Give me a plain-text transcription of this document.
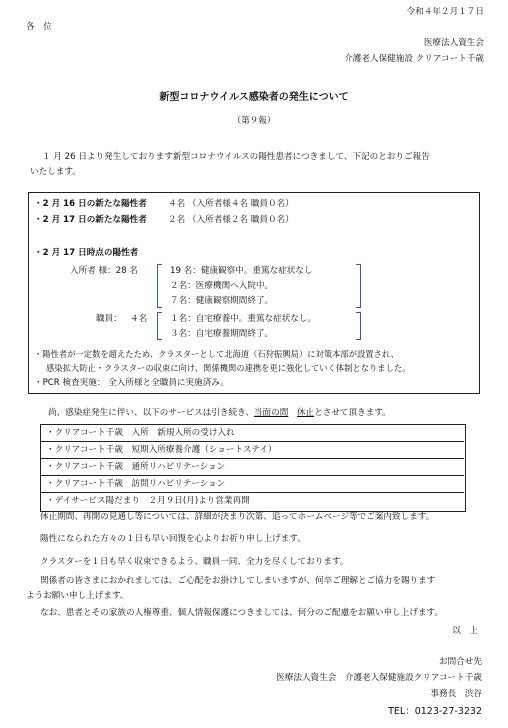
令和４年２月１７日
各　位
医療法人資生会
介護老人保健施設 クリアコート千歳
新型コロナウイルス感染者の発生について
（第９報）
１ 月 26 日より発生しております新型コロナウイルスの陽性患者につきまして、下記のとおりご報告
いたします。
・2 月 16 日の新たな陽性者 ４名 （入所者様４名 職員０名）
・2 月 17 日の新たな陽性者 ２名 （入所者様２名 職員０名）
・2 月 17 日時点の陽性者
入所者 様：28 名	19 名：健康観察中。重篤な症状なし
２名：医療機関へ入院中。
７名：健康観察期間終了。
職員： ４名	１名：自宅療養中。重篤な症状なし。
３名：自宅療養期間終了。
・陽性者が一定数を超えたため、クラスターとして北海道（石狩振興局）に対策本部が設置され、
感染拡大防止・クラスターの収束に向け、関係機関の連携を更に強化していく体制となりました。
・PCR 検査実施： 全入所様と全職員に実施済み。
尚、感染症発生に伴い、以下のサービスは引き続き、当面の間　 休止とさせて頂きます。
・クリアコート千歳　入所　新規入所の受け入れ
・クリアコート千歳　短期入所療養介護（ショートステイ）
・クリアコート千歳　通所リハビリテーション
・クリアコート千歳　訪問リハビリテーション
・デイサービス陽だまり　２月９日(月)より営業再開
休止期間、再開の見通し等については、詳細が決まり次第、追ってホームページ等でご案内致します。
陽性になられた方々の１日も早い回復を心よりお祈り申し上げます。
クラスターを１日も早く収束できるよう、職員一同、全力を尽くしております。
関係者の皆さまにおかれましては、ご心配をお掛けしてしまいますが、何卒ご理解とご協力を賜ります
ようお願い申し上げます。
なお、患者とその家族の人権尊重、個人情報保護につきましては、何分のご配慮をお願い申し上げます。
以　上
お問合せ先
医療法人資生会　介護老人保健施設クリアコート千歳
事務長　渋谷
TEL：0123-27-3232
